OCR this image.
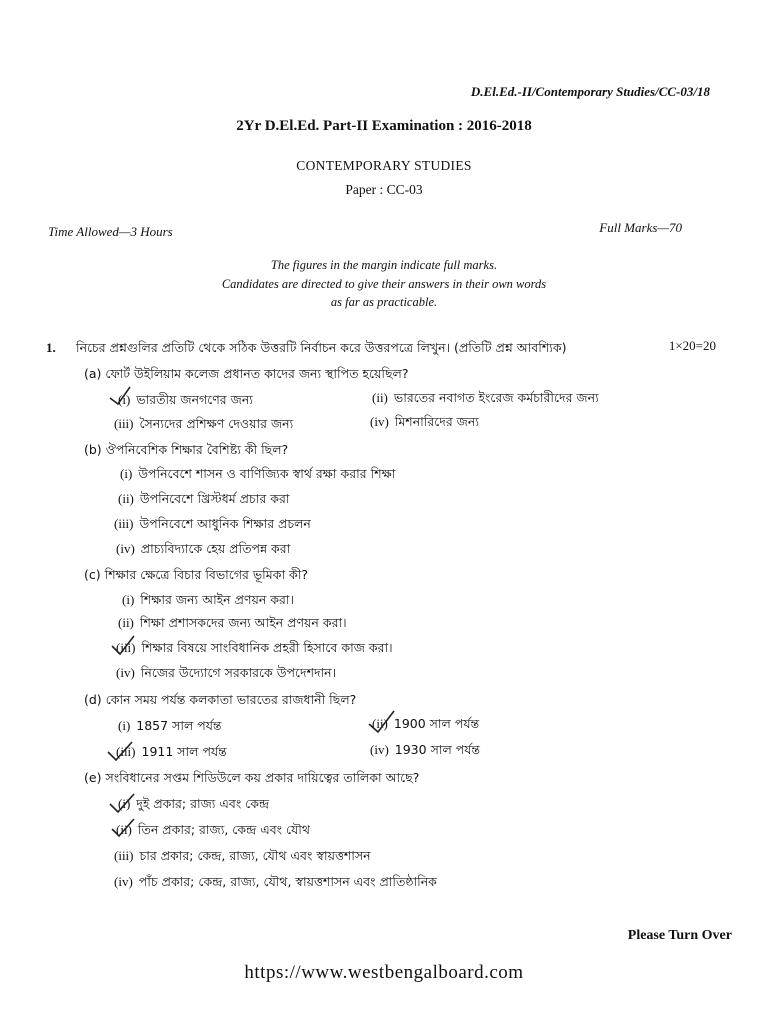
D.El.Ed.-II/Contemporary Studies/CC-03/18
2Yr D.El.Ed. Part-II Examination : 2016-2018
CONTEMPORARY STUDIES
Paper : CC-03
Time Allowed—3 Hours	Full Marks—70
The figures in the margin indicate full marks.
Candidates are directed to give their answers in their own words
as far as practicable.
1. নিচের প্রশ্নগুলির প্রতিটি থেকে সঠিক উত্তরটি নির্বাচন করে উত্তরপত্রে লিখুন। (প্রতিটি প্রশ্ন আবশ্যিক)	1×20=20
(a) ফোর্ট উইলিয়াম কলেজ প্রধানত কাদের জন্য স্থাপিত হয়েছিল?
(i) ভারতীয় জনগণের জন্য	(ii) ভারতের নবাগত ইংরেজ কর্মচারীদের জন্য
(iii) সৈন্যদের প্রশিক্ষণ দেওয়ার জন্য	(iv) মিশনারিদের জন্য
(b) ঔপনিবেশিক শিক্ষার বৈশিষ্ট্য কী ছিল?
(i) উপনিবেশে শাসন ও বাণিজ্যিক স্বার্থ রক্ষা করার শিক্ষা
(ii) উপনিবেশে খ্রিস্টধর্ম প্রচার করা
(iii) উপনিবেশে আধুনিক শিক্ষার প্রচলন
(iv) প্রাচ্যবিদ্যাকে হেয় প্রতিপন্ন করা
(c) শিক্ষার ক্ষেত্রে বিচার বিভাগের ভূমিকা কী?
(i) শিক্ষার জন্য আইন প্রণয়ন করা।
(ii) শিক্ষা প্রশাসকদের জন্য আইন প্রণয়ন করা।
(iii) শিক্ষার বিষয়ে সাংবিধানিক প্রহরী হিসাবে কাজ করা।
(iv) নিজের উদ্যোগে সরকারকে উপদেশদান।
(d) কোন সময় পর্যন্ত কলকাতা ভারতের রাজধানী ছিল?
(i) 1857 সাল পর্যন্ত	(ii) 1900 সাল পর্যন্ত
(iii) 1911 সাল পর্যন্ত	(iv) 1930 সাল পর্যন্ত
(e) সংবিধানের সপ্তম শিডিউলে কয় প্রকার দায়িত্বের তালিকা আছে?
(i) দুই প্রকার; রাজ্য এবং কেন্দ্র
(ii) তিন প্রকার; রাজ্য, কেন্দ্র এবং যৌথ
(iii) চার প্রকার; কেন্দ্র, রাজ্য, যৌথ এবং স্বায়ত্তশাসন
(iv) পাঁচ প্রকার; কেন্দ্র, রাজ্য, যৌথ, স্বায়ত্তশাসন এবং প্রাতিষ্ঠানিক
Please Turn Over
https://www.westbengalboard.com
